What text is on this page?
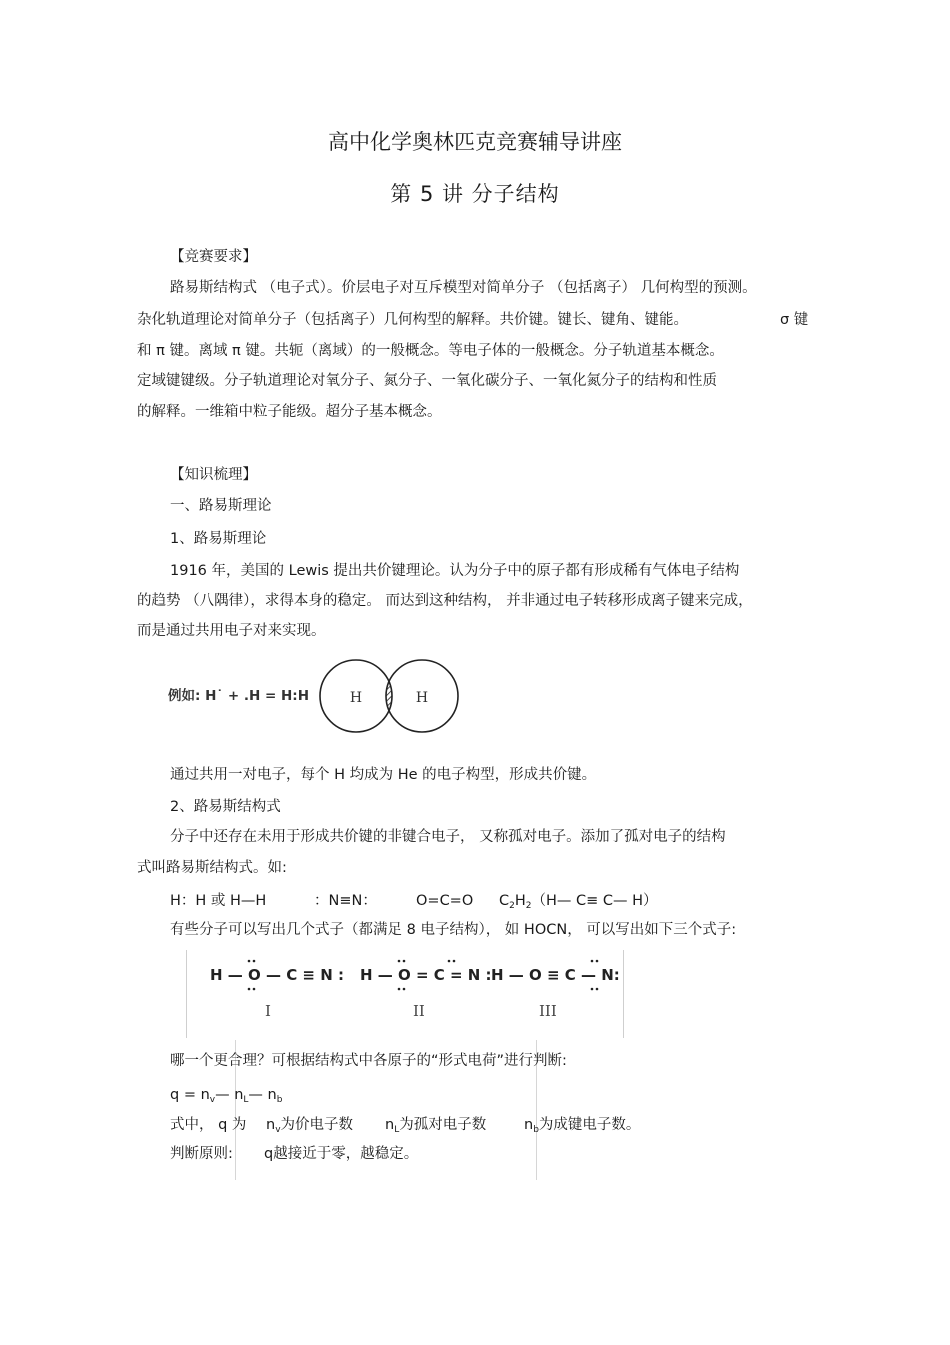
高中化学奥林匹克竞赛辅导讲座
第 5 讲 分子结构
【竞赛要求】
路易斯结构式 （电子式）。价层电子对互斥模型对简单分子 （包括离子） 几何构型的预测。
杂化轨道理论对简单分子（包括离子）几何构型的解释。共价键。键长、键角、键能。	σ 键
和 π 键。离域 π 键。共轭（离域）的一般概念。等电子体的一般概念。分子轨道基本概念。
定域键键级。分子轨道理论对氧分子、氮分子、一氧化碳分子、一氧化氮分子的结构和性质
的解释。一维箱中粒子能级。超分子基本概念。
【知识梳理】
一、路易斯理论
1、路易斯理论
1916 年，美国的 Lewis 提出共价键理论。认为分子中的原子都有形成稀有气体电子结构
的趋势 （八隅律），求得本身的稳定。 而达到这种结构， 并非通过电子转移形成离子键来完成，
而是通过共用电子对来实现。
例如: H˙ + .H = H:H	H	H
通过共用一对电子，每个 H 均成为 He 的电子构型，形成共价键。
2、路易斯结构式
分子中还存在未用于形成共价键的非键合电子， 又称孤对电子。添加了孤对电子的结构
式叫路易斯结构式。如:
H：H 或 H—H	：N≡N：	O=C=O $C_2H_2(H—$ C≡ C— H）
有些分子可以写出几个式子（都满足 8 电子结构）， 如 HOCN， 可以写出如下三个式子:
H — O — C ≡ N : H — O = C = N : H — O ≡ C — N:
I	II	III
哪一个更合理？可根据结构式中各原子的“形式电荷”进行判断:
$q = n_v—$ $n_L—$ $n_b$
式中， q 为 $n_v$为价电子数 $n_L$为孤对电子数	$n_b$为成键电子数。
判断原则: q越接近于零，越稳定。
